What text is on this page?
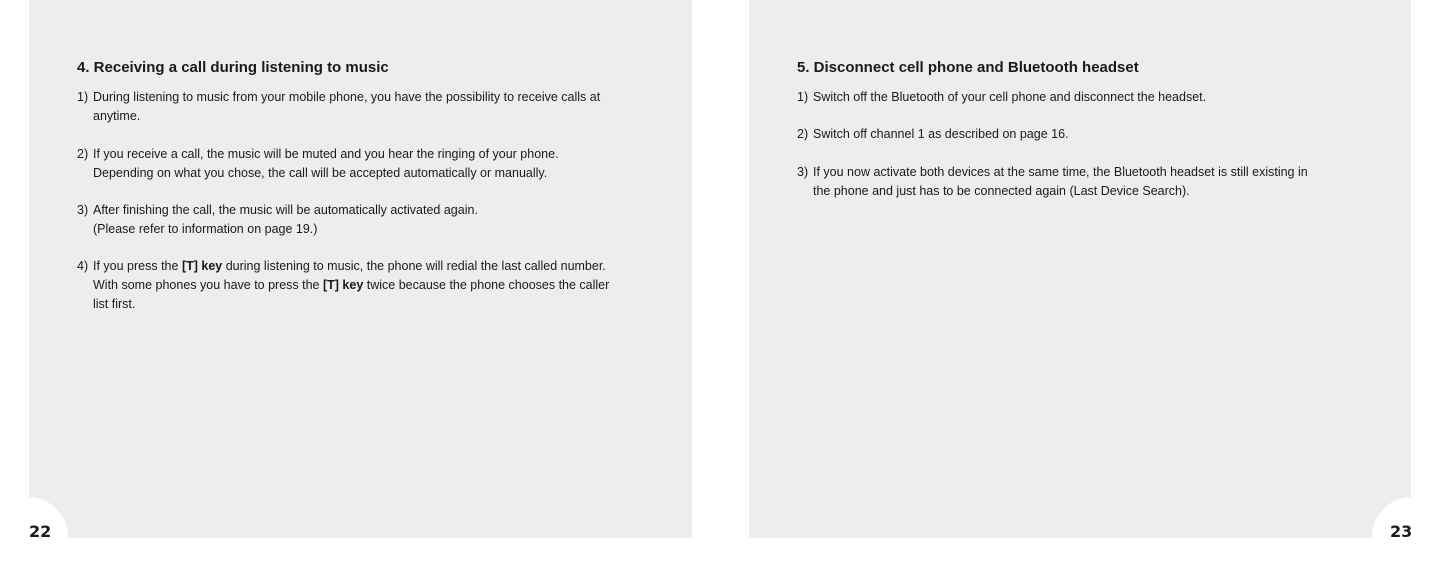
4. Receiving a call during listening to music
1) During listening to music from your mobile phone, you have the possibility to receive calls at
anytime.
2) If you receive a call, the music will be muted and you hear the ringing of your phone.
Depending on what you chose, the call will be accepted automatically or manually.
3) After finishing the call, the music will be automatically activated again.
(Please refer to information on page 19.)
4) If you press the [T] key during listening to music, the phone will redial the last called number.
With some phones you have to press the [T] key twice because the phone chooses the caller
list first.
5. Disconnect cell phone and Bluetooth headset
1) Switch off the Bluetooth of your cell phone and disconnect the headset.
2) Switch off channel 1 as described on page 16.
3) If you now activate both devices at the same time, the Bluetooth headset is still existing in
the phone and just has to be connected again (Last Device Search).
22	23
